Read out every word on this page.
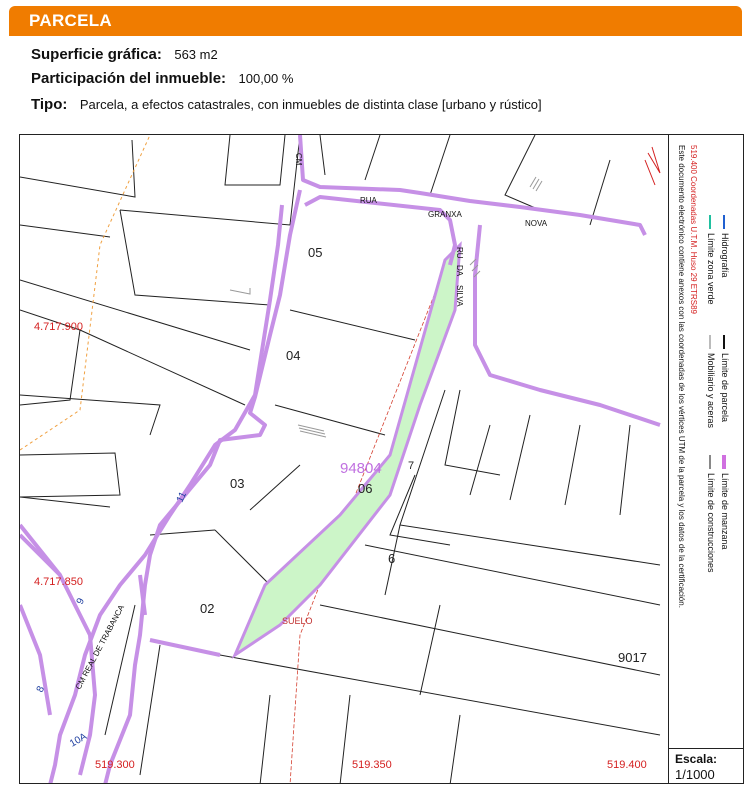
PARCELA
Superficie gráfica: 563 m2
Participación del inmueble: 100,00 %
Tipo: Parcela, a efectos catastrales, con inmuebles de distinta clase [urbano y rústico]
4.717.900
4.717.850
519.300	519.350	519.400
05
04
03	06
02
6
7
9017
94804
SUELO
CM
RUA
GRANXA
NOVA
RU
DA
SILVA
CM REAL DE TRABANCA
11
9
8
10A
Límite de manzana
Límite de parcela
Hidrografía
Límite de construcciones
Mobiliario y aceras
Límite zona verde
519.400 Coordenadas U.T.M. Huso 29 ETRS89
Este documento electrónico contiene anexos con las coordenadas de los vértices UTM de la parcela y los datos de la certificación.
Escala:
1/1000
